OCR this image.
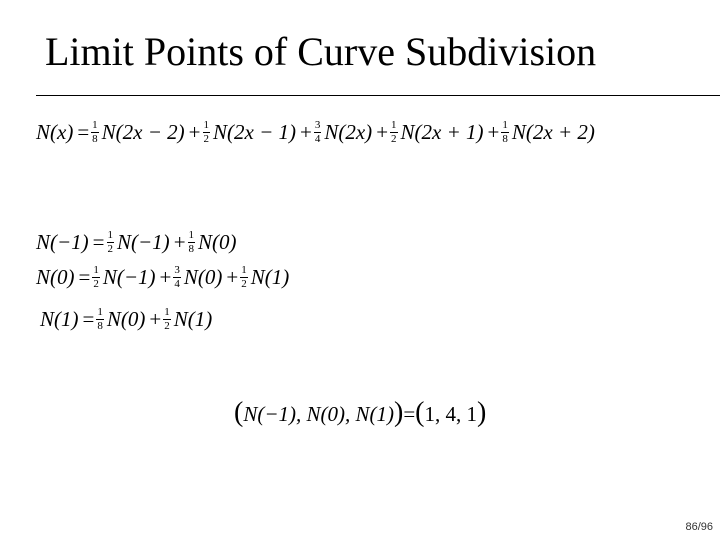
Limit Points of Curve Subdivision
$N(x) = \frac{1}{8} N(2x - 2) + \frac{1}{2} N(2x - 1) + \frac{3}{4} N(2x) + \frac{1}{2} N(2x + 1) + \frac{1}{8} N(2x + 2)$
$N(-1) = \frac{1}{2} N(-1) + \frac{1}{8} N(0)$
$N(0) = \frac{1}{2} N(-1) + \frac{3}{4} N(0) + \frac{1}{2} N(1)$
$N(1) = \frac{1}{8} N(0) + \frac{1}{2} N(1)$
( N(−1), N(0), N(1) ) = ( 1, 4, 1 )
86/96
